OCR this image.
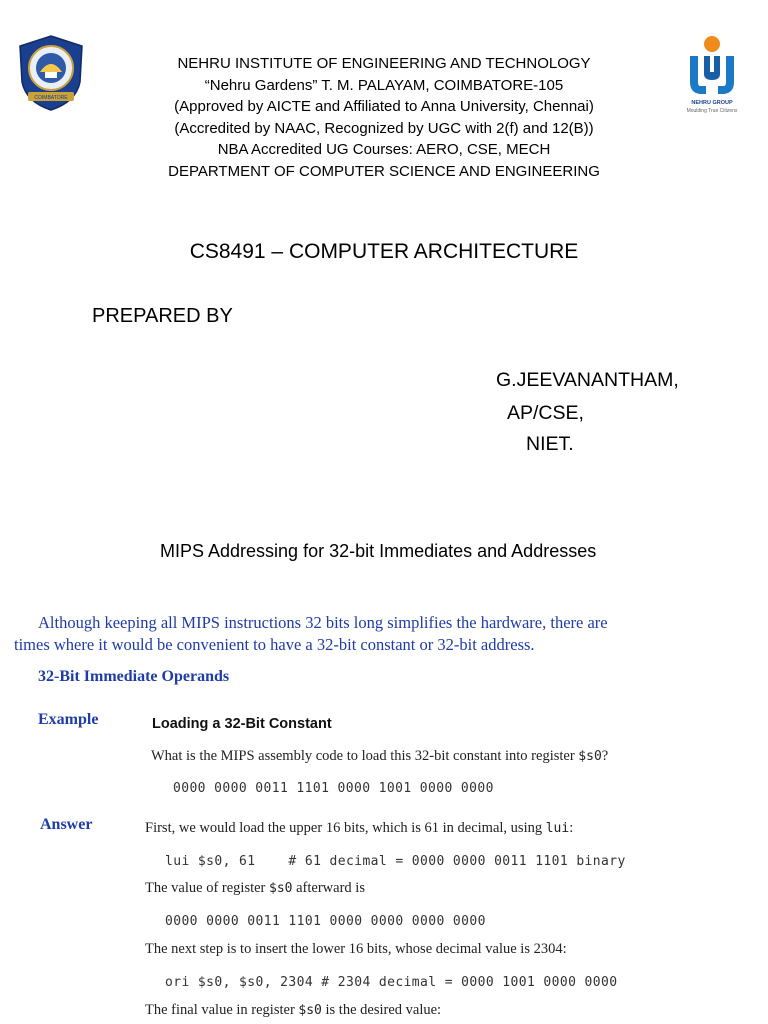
COIMBATORE
NEHRU GROUP
Moulding True Citizens
NEHRU INSTITUTE OF ENGINEERING AND TECHNOLOGY
“Nehru Gardens” T. M. PALAYAM, COIMBATORE-105
(Approved by AICTE and Affiliated to Anna University, Chennai)
(Accredited by NAAC, Recognized by UGC with 2(f) and 12(B))
NBA Accredited UG Courses: AERO, CSE, MECH
DEPARTMENT OF COMPUTER SCIENCE AND ENGINEERING
CS8491 – COMPUTER ARCHITECTURE
PREPARED BY
G.JEEVANANTHAM,
AP/CSE,
NIET.
MIPS Addressing for 32-bit Immediates and Addresses
Although keeping all MIPS instructions 32 bits long simplifies the hardware, there are
times where it would be convenient to have a 32-bit constant or 32-bit address.
32-Bit Immediate Operands
Example	Loading a 32-Bit Constant
What is the MIPS assembly code to load this 32-bit constant into register $s0?
0000 0000 0011 1101 0000 1001 0000 0000
Answer	First, we would load the upper 16 bits, which is 61 in decimal, using lui:
lui $s0, 61    # 61 decimal = 0000 0000 0011 1101 binary
The value of register $s0 afterward is
0000 0000 0011 1101 0000 0000 0000 0000
The next step is to insert the lower 16 bits, whose decimal value is 2304:
ori $s0, $s0, 2304 # 2304 decimal = 0000 1001 0000 0000
The final value in register $s0 is the desired value:
